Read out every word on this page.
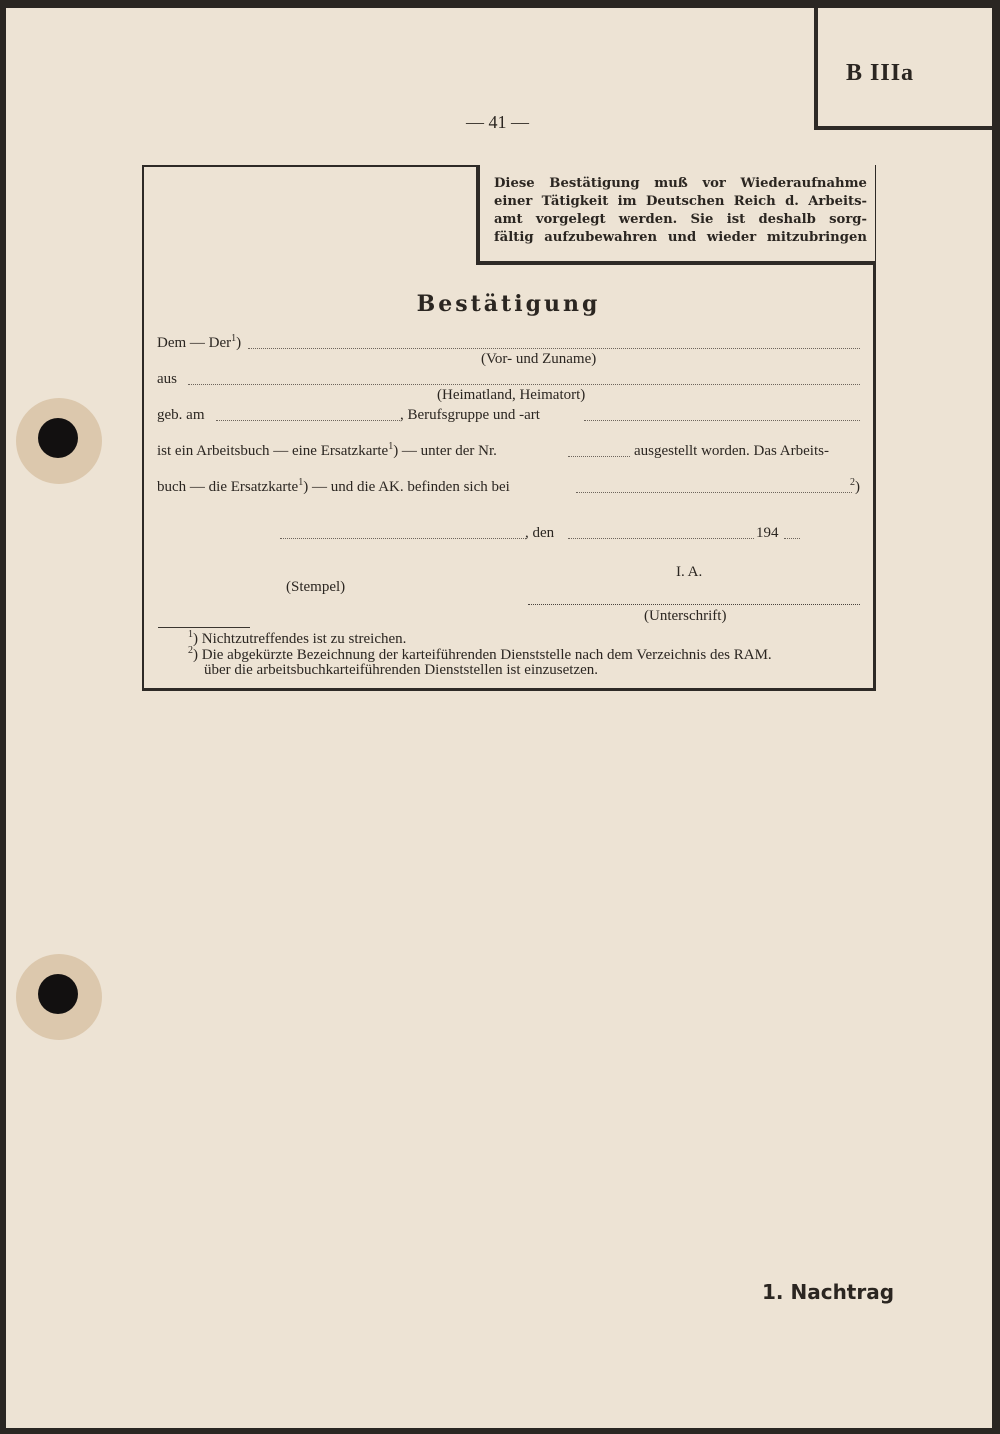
B IIIa
— 41 —
Diese Bestätigung muß vor Wiederaufnahme
einer Tätigkeit im Deutschen Reich d. Arbeits-
amt vorgelegt werden. Sie ist deshalb sorg-
fältig aufzubewahren und wieder mitzubringen
Bestätigung
Dem — Der$^1$)
(Vor- und Zuname)
aus
(Heimatland, Heimatort)
geb. am	, Berufsgruppe und -art
ist ein Arbeitsbuch — eine Ersatzkarte$^1$) — unter der Nr.	ausgestellt worden. Das Arbeits-
buch — die Ersatzkarte$^1$) — und die AK. befinden sich bei	$^2$)
, den	194
I. A.
(Stempel)
(Unterschrift)
$^1$) Nichtzutreffendes ist zu streichen.
$^2$) Die abgekürzte Bezeichnung der karteiführenden Dienststelle nach dem Verzeichnis des RAM.
über die arbeitsbuchkarteiführenden Dienststellen ist einzusetzen.
1. Nachtrag
